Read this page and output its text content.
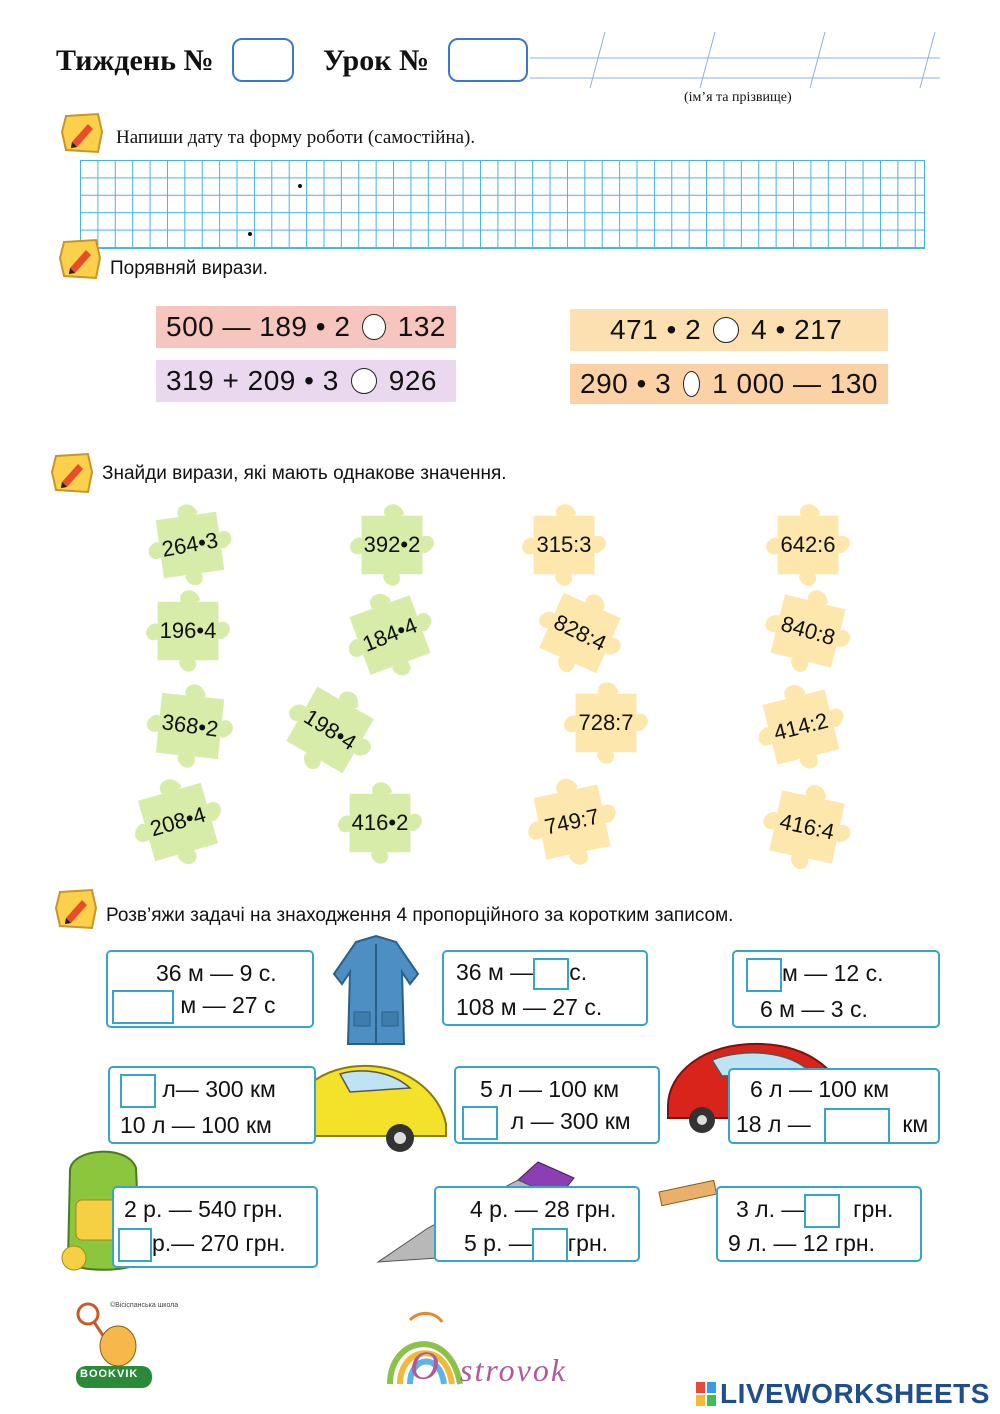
Тиждень №	Урок №
(ім’я та прізвище)
Напиши дату та форму роботи (самостійна).
Порявняй вирази.
500 — 189 • 2 132
319 + 209 • 3 926
471 • 2 4 • 217
290 • 3 1 000 — 130
Знайди вирази, які мають однакове значення.
264•3	392•2	315:3	642:6
196•4	184•4	828:4	840:8
368•2	198•4	728:7	414:2
208•4	416•2	749:7	416:4
Розв’яжи задачі на знаходження 4 пропорційного за коротким записом.
36 м — 9 с.
м — 27 с
36 м — с.
108 м — 27 с.
м — 12 с.
6 м — 3 с.
л— 300 км
10 л — 100 км
5 л — 100 км
л — 300 км
6 л — 100 км
18 л —	км
2 р. — 540 грн.
р.— 270 грн.
4 р. — 28 грн.
5 р. — грн.
3 л. — грн.
9 л. — 12 грн.
BOOKVIK
©Вісіспанська школа
O strovok
LIVEWORKSHEETS
